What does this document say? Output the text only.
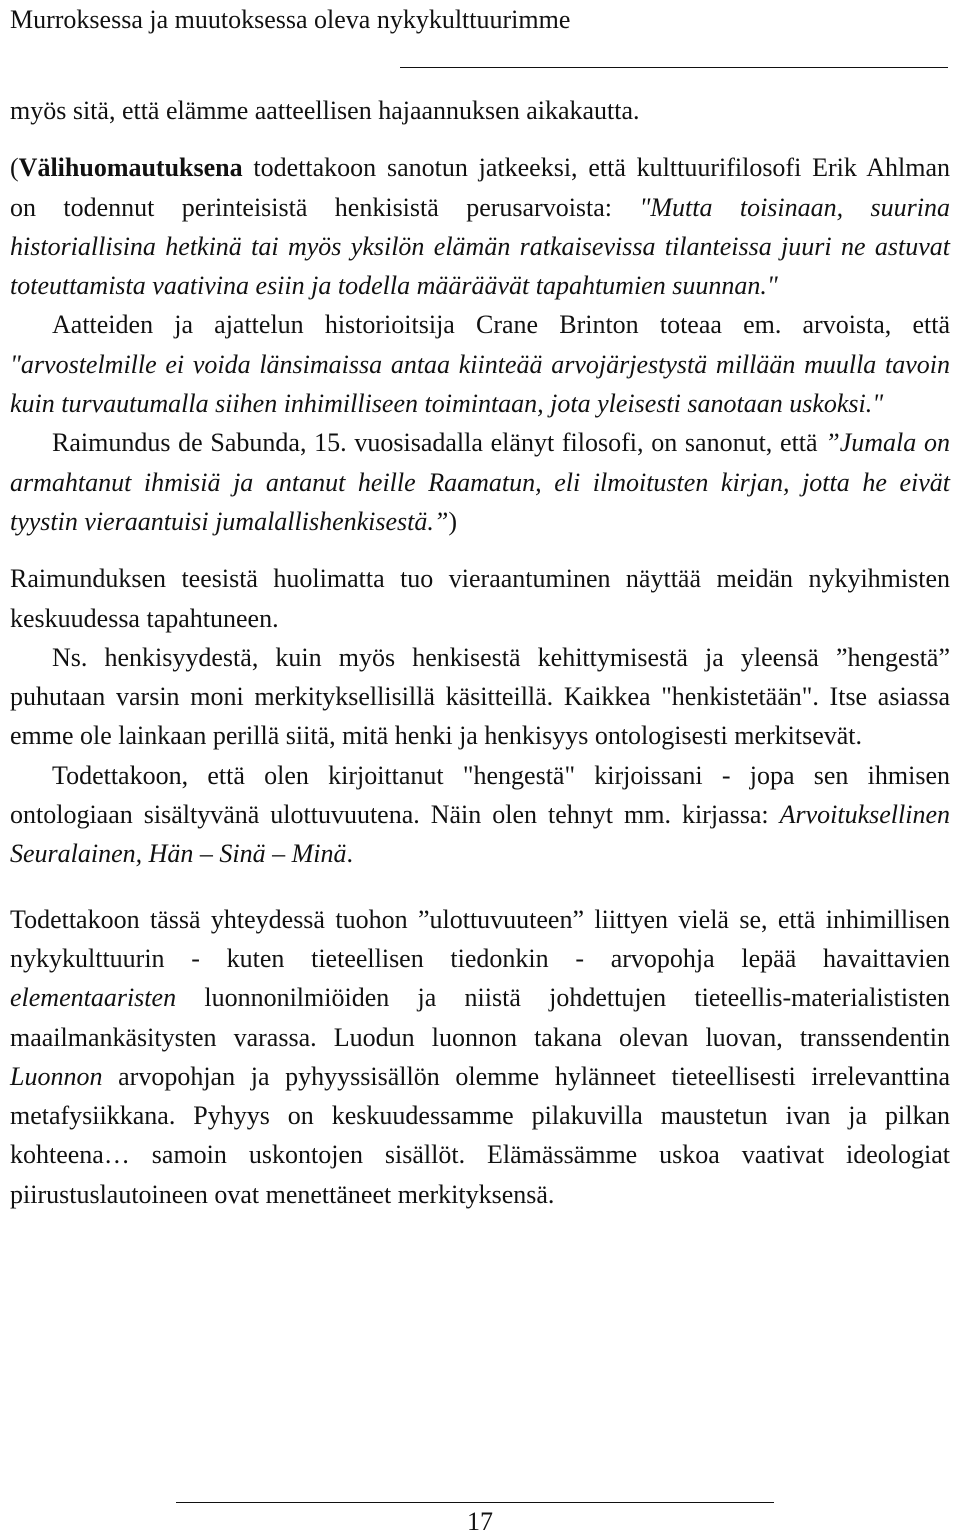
Murroksessa ja muutoksessa oleva nykykulttuurimme

myös sitä, että elämme aatteellisen hajaannuksen aikakautta.

(Välihuomautuksena todettakoon sanotun jatkeeksi, että kulttuurifilosofi Erik Ahlman on todennut perinteisistä henkisistä perusarvoista: "Mutta toisinaan, suurina historiallisina hetkinä tai myös yksilön elämän ratkaisevissa tilanteissa juuri ne astuvat toteuttamista vaativina esiin ja todella määräävät tapahtumien suunnan."

Aatteiden ja ajattelun historioitsija Crane Brinton toteaa em. arvoista, että "arvostelmille ei voida länsimaissa antaa kiinteää arvojärjestystä millään muulla tavoin kuin turvautumalla siihen inhimilliseen toimintaan, jota yleisesti sanotaan uskoksi."

Raimundus de Sabunda, 15. vuosisadalla elänyt filosofi, on sanonut, että ”Jumala on armahtanut ihmisiä ja antanut heille Raamatun, eli ilmoitusten kirjan, jotta he eivät tyystin vieraantuisi jumalallishenkisestä.”)

Raimunduksen teesistä huolimatta tuo vieraantuminen näyttää meidän nykyihmisten keskuudessa tapahtuneen.

Ns. henkisyydestä, kuin myös henkisestä kehittymisestä ja yleensä ”hengestä” puhutaan varsin moni merkityksellisillä käsitteillä. Kaikkea "henkistetään". Itse asiassa emme ole lainkaan perillä siitä, mitä henki ja henkisyys ontologisesti merkitsevät.

Todettakoon, että olen kirjoittanut "hengestä" kirjoissani - jopa sen ihmisen ontologiaan sisältyvänä ulottuvuutena. Näin olen tehnyt mm. kirjassa: Arvoituksellinen Seuralainen, Hän – Sinä – Minä.

Todettakoon tässä yhteydessä tuohon ”ulottuvuuteen” liittyen vielä se, että inhimillisen nykykulttuurin - kuten tieteellisen tiedonkin - arvopohja lepää havaittavien elementaaristen luonnonilmiöiden ja niistä johdettujen tieteellis-materialististen maailmankäsitysten varassa. Luodun luonnon takana olevan luovan, transsendentin Luonnon arvopohjan ja pyhyyssisällön olemme hylänneet tieteellisesti irrelevanttina metafysiikkana. Pyhyys on keskuudessamme pilakuvilla maustetun ivan ja pilkan kohteena… samoin uskontojen sisällöt. Elämässämme uskoa vaativat ideologiat piirustuslautoineen ovat menettäneet merkityksensä.

17
